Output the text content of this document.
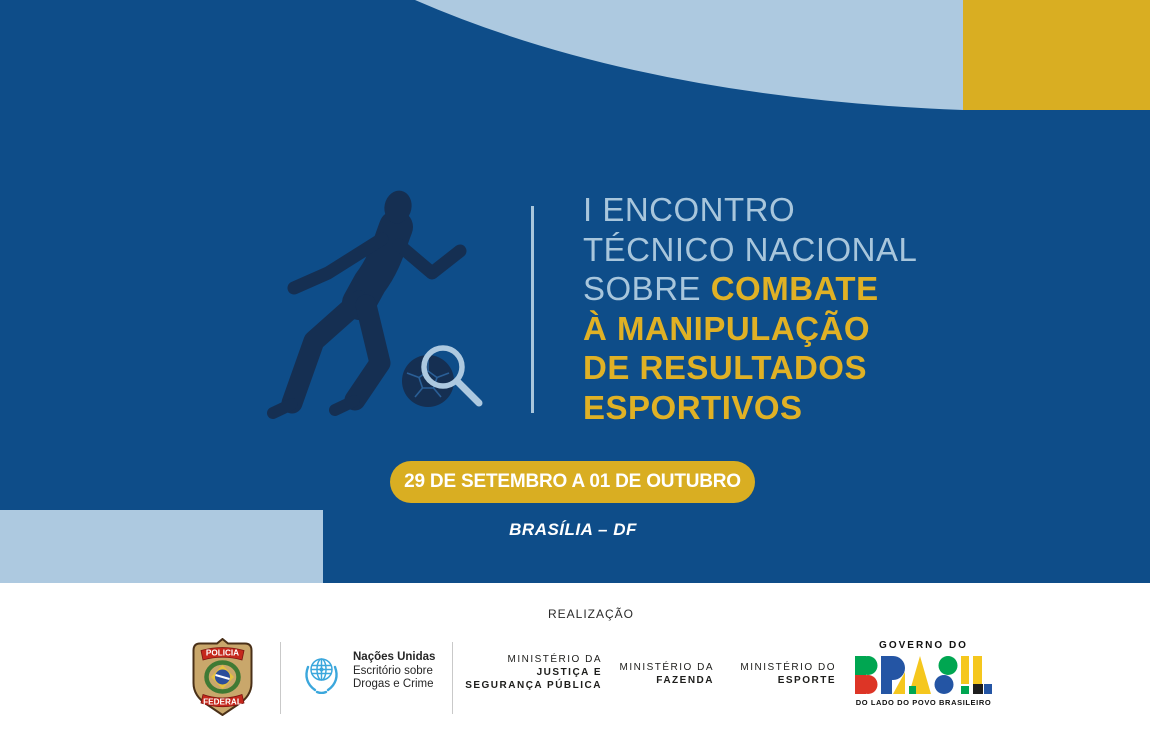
I ENCONTRO
TÉCNICO NACIONAL
SOBRE COMBATE
À MANIPULAÇÃO
DE RESULTADOS
ESPORTIVOS
29 DE SETEMBRO A 01 DE OUTUBRO
BRASÍLIA – DF
REALIZAÇÃO
POLICIA
FEDERAL
Nações Unidas
Escritório sobre
Drogas e Crime
MINISTÉRIO DA
JUSTIÇA E
SEGURANÇA PÚBLICA
MINISTÉRIO DA
FAZENDA
MINISTÉRIO DO
ESPORTE
GOVERNO DO
DO LADO DO POVO BRASILEIRO
